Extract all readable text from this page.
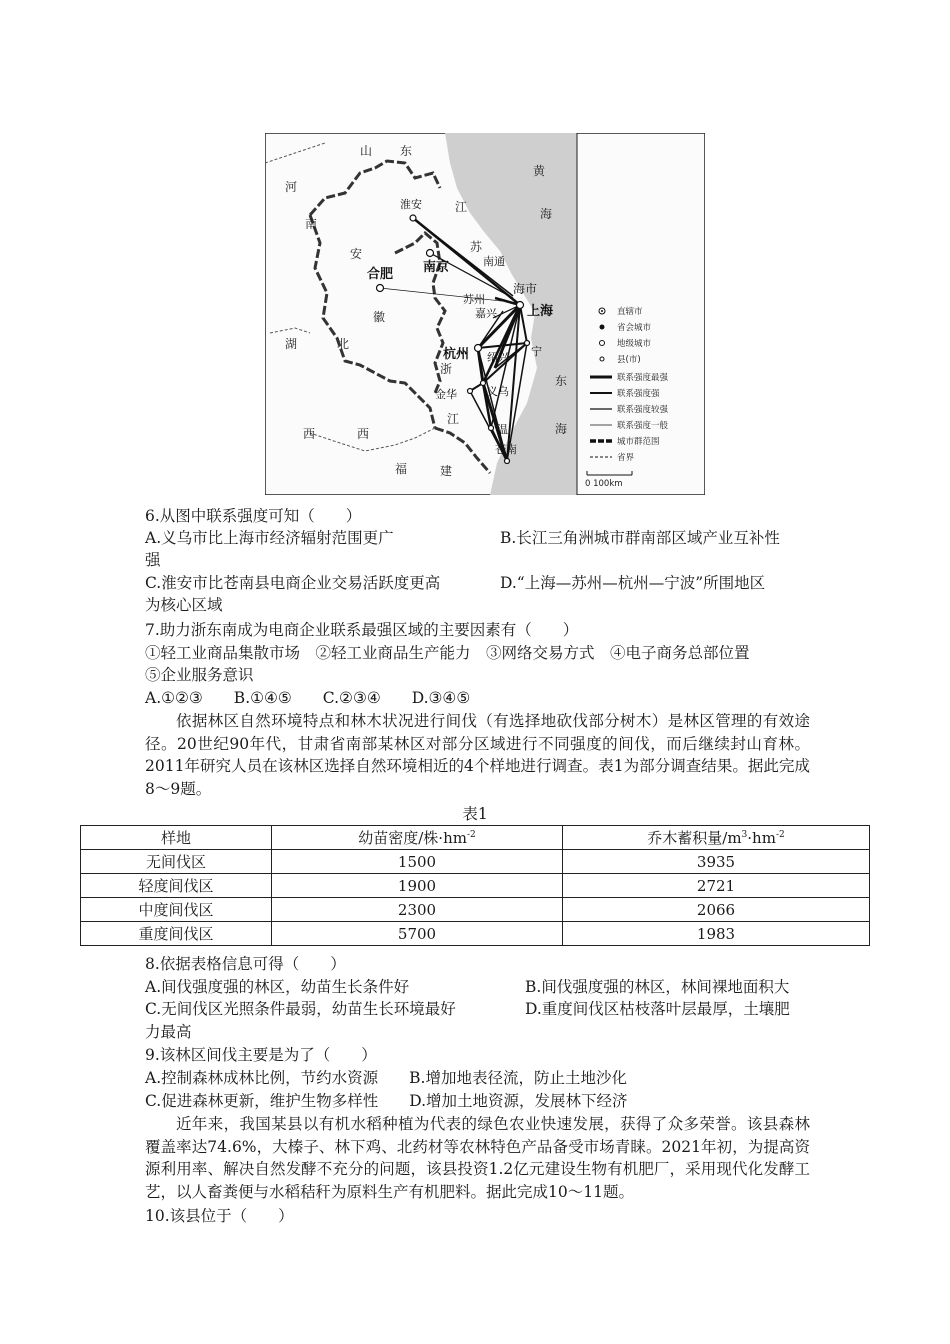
山 东
河
南
江
苏
安
徽
湖	北
浙
江
西	西
福	建
黄
海
东
海
淮安
南京
合肥
南通
苏州
嘉兴
海市
上海
杭州 绍兴 宁
义乌
金华
温
苍南
直辖市
省会城市
地级城市
县(市)
联系强度最强
联系强度强
联系强度较强
联系强度一般
城市群范围
省界
0 100km
6.从图中联系强度可知（　　）
A.义乌市比上海市经济辐射范围更广	B.长江三角洲城市群南部区域产业互补性
强
C.淮安市比苍南县电商企业交易活跃度更高	D.“上海—苏州—杭州—宁波”所围地区
为核心区域
7.助力浙东南成为电商企业联系最强区域的主要因素有（　　）
①轻工业商品集散市场　②轻工业商品生产能力　③网络交易方式　④电子商务总部位置
⑤企业服务意识
A.①②③　　B.①④⑤　　C.②③④　　D.③④⑤
依据林区自然环境特点和林木状况进行间伐（有选择地砍伐部分树木）是林区管理的有效途径。20世纪90年代，甘肃省南部某林区对部分区域进行不同强度的间伐，而后继续封山育林。2011年研究人员在该林区选择自然环境相近的4个样地进行调查。表1为部分调查结果。据此完成8～9题。
表1
样地	幼苗密度/株$\cdot hm^{-2}$	乔木蓄积量$/m^3\cdot hm^{-2}$
无间伐区	1500	3935
轻度间伐区	1900	2721
中度间伐区	2300	2066
重度间伐区	5700	1983
8.依据表格信息可得（　　）
A.间伐强度强的林区，幼苗生长条件好	B.间伐强度强的林区，林间裸地面积大
C.无间伐区光照条件最弱，幼苗生长环境最好	D.重度间伐区枯枝落叶层最厚，土壤肥
力最高
9.该林区间伐主要是为了（　　）
A.控制森林成林比例，节约水资源　　B.增加地表径流，防止土地沙化
C.促进森林更新，维护生物多样性　　D.增加土地资源，发展林下经济
近年来，我国某县以有机水稻种植为代表的绿色农业快速发展，获得了众多荣誉。该县森林覆盖率达74.6%，大榛子、林下鸡、北药材等农林特色产品备受市场青睐。2021年初，为提高资源利用率、解决自然发酵不充分的问题，该县投资1.2亿元建设生物有机肥厂，采用现代化发酵工艺，以人畜粪便与水稻秸秆为原料生产有机肥料。据此完成10～11题。
10.该县位于（　　）
